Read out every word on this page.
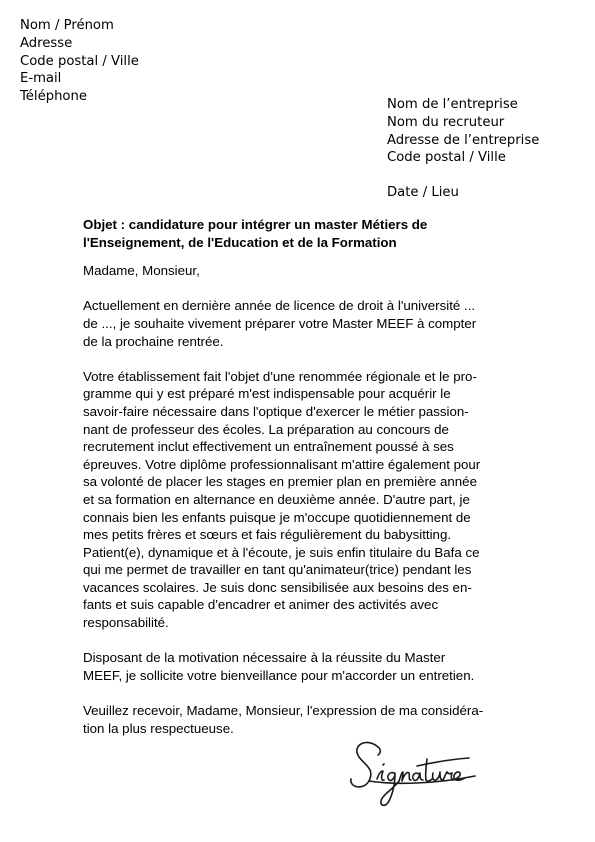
Nom / Prénom
Adresse
Code postal / Ville
E-mail
Téléphone
Nom de l’entreprise
Nom du recruteur
Adresse de l’entreprise
Code postal / Ville
Date / Lieu
Objet : candidature pour intégrer un master Métiers de
l'Enseignement, de l'Education et de la Formation
Madame, Monsieur,
Actuellement en dernière année de licence de droit à l'université ...
de ..., je souhaite vivement préparer votre Master MEEF à compter
de la prochaine rentrée.
Votre établissement fait l'objet d'une renommée régionale et le pro-
gramme qui y est préparé m'est indispensable pour acquérir le
savoir-faire nécessaire dans l'optique d'exercer le métier passion-
nant de professeur des écoles. La préparation au concours de
recrutement inclut effectivement un entraînement poussé à ses
épreuves. Votre diplôme professionnalisant m'attire également pour
sa volonté de placer les stages en premier plan en première année
et sa formation en alternance en deuxième année. D'autre part, je
connais bien les enfants puisque je m'occupe quotidiennement de
mes petits frères et sœurs et fais régulièrement du babysitting.
Patient(e), dynamique et à l'écoute, je suis enfin titulaire du Bafa ce
qui me permet de travailler en tant qu'animateur(trice) pendant les
vacances scolaires. Je suis donc sensibilisée aux besoins des en-
fants et suis capable d'encadrer et animer des activités avec
responsabilité.
Disposant de la motivation nécessaire à la réussite du Master
MEEF, je sollicite votre bienveillance pour m'accorder un entretien.
Veuillez recevoir, Madame, Monsieur, l'expression de ma considéra-
tion la plus respectueuse.
